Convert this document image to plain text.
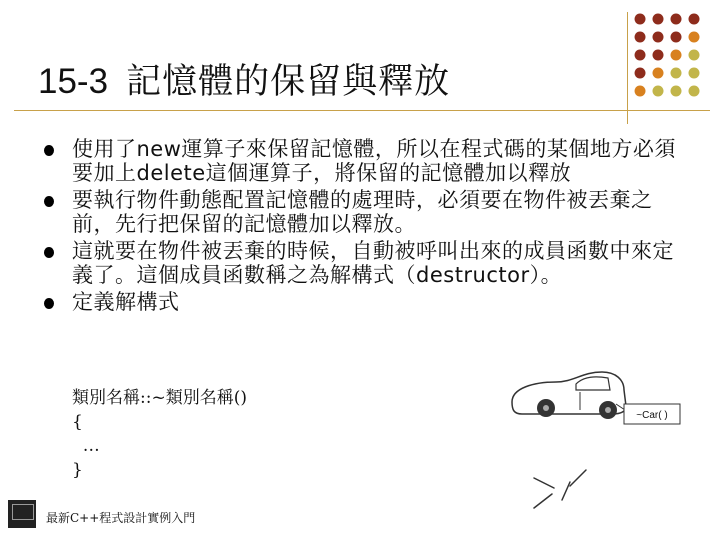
15-3 記憶體的保留與釋放
使用了new運算子來保留記憶體，所以在程式碼的某個地方必須要加上delete這個運算子，將保留的記憶體加以釋放
要執行物件動態配置記憶體的處理時，必須要在物件被丟棄之前，先行把保留的記憶體加以釋放。
這就要在物件被丟棄的時候，自動被呼叫出來的成員函數中來定義了。這個成員函數稱之為解構式（destructor）。
定義解構式
類別名稱::~類別名稱()
{
…
}
~Car( )
最新C++程式設計實例入門
